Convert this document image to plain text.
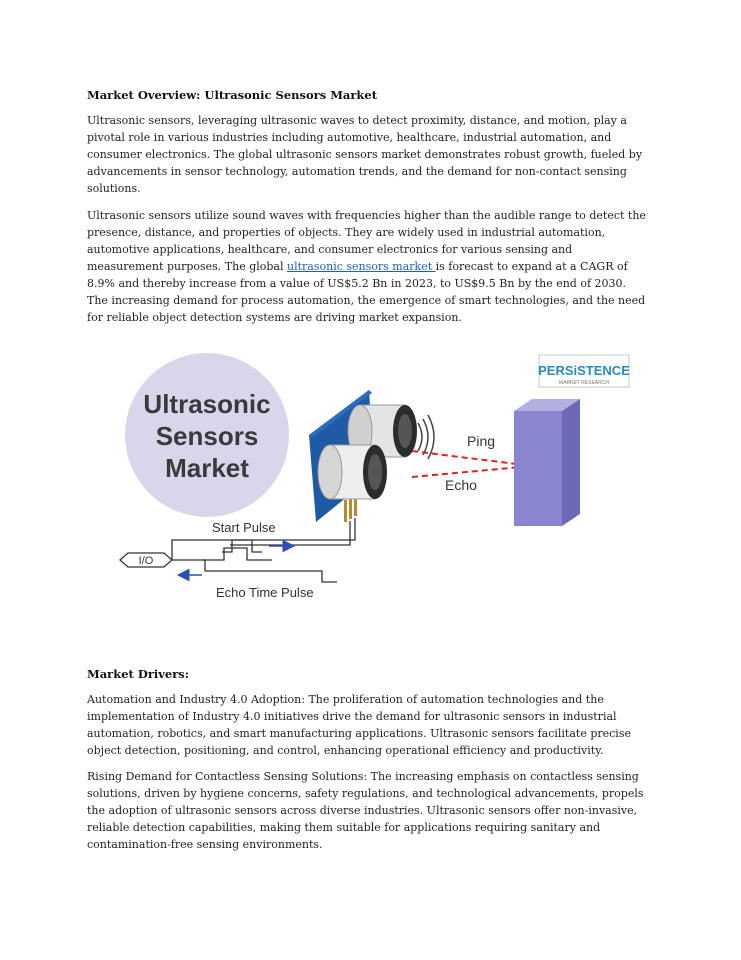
Market Overview: Ultrasonic Sensors Market

Ultrasonic sensors, leveraging ultrasonic waves to detect proximity, distance, and motion, play a pivotal role in various industries including automotive, healthcare, industrial automation, and consumer electronics. The global ultrasonic sensors market demonstrates robust growth, fueled by advancements in sensor technology, automation trends, and the demand for non-contact sensing solutions.

Ultrasonic sensors utilize sound waves with frequencies higher than the audible range to detect the presence, distance, and properties of objects. They are widely used in industrial automation, automotive applications, healthcare, and consumer electronics for various sensing and measurement purposes. The global ultrasonic sensors market is forecast to expand at a CAGR of 8.9% and thereby increase from a value of US$5.2 Bn in 2023, to US$9.5 Bn by the end of 2030. The increasing demand for process automation, the emergence of smart technologies, and the need for reliable object detection systems are driving market expansion.

Ultrasonic
Sensors
Market
Ping
Echo
PERSiSTENCE
MARKET RESEARCH
Start Pulse
I/O
Echo Time Pulse
Market Drivers:

Automation and Industry 4.0 Adoption: The proliferation of automation technologies and the implementation of Industry 4.0 initiatives drive the demand for ultrasonic sensors in industrial automation, robotics, and smart manufacturing applications. Ultrasonic sensors facilitate precise object detection, positioning, and control, enhancing operational efficiency and productivity.

Rising Demand for Contactless Sensing Solutions: The increasing emphasis on contactless sensing solutions, driven by hygiene concerns, safety regulations, and technological advancements, propels the adoption of ultrasonic sensors across diverse industries. Ultrasonic sensors offer non-invasive, reliable detection capabilities, making them suitable for applications requiring sanitary and contamination-free sensing environments.
